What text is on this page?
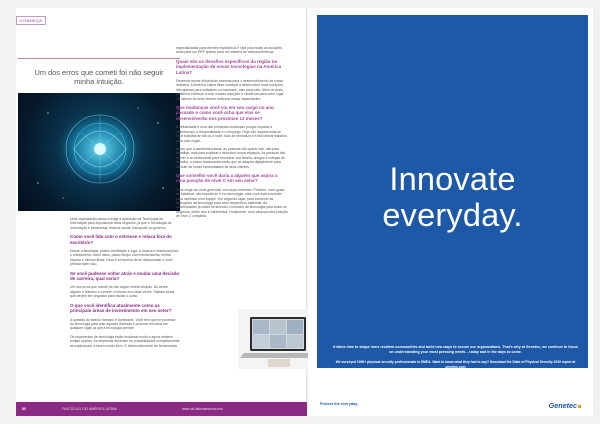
CONHEÇA
Um dos erros que cometi foi não seguir minha intuição.

Uma organização passa a exigir a aplicação da Tecnologia da Informação para impulsionar seus negócios, já que a Tecnologia da Informação é transversal, está na saúde, transporte ou governo.

Como você lida com o estresse e relaxa fora do escritório?

Desde a faculdade, pratico meditação e ioga. A música é essencial para o relaxamento. Além disso, passo tempo com minha família, minha esposa e minhas filhas. Essa é a maneira de se desconectar e você precisa fazer isso.

Se você pudesse voltar atrás e mudar uma decisão de carreira, qual seria?

Um dos erros que cometi foi não seguir minha intuição. Às vezes, alguém é teimoso e comete o mesmo erro duas vezes. Saibam ainda que devem ser seguidos para mudar o curso.

O que você identifica atualmente como as principais áreas de investimento em seu setor?

A questão do talento humano é dominante. Você tem que ter provedor da tecnologia para criar equipes diversas e procurar recursos em qualquer lugar, já que a tecnologia permite.

Os orçamentos de tecnologia estão mudando muito e agora existem muitas opções. As empresas deveriam ter possibilidades completamente as tradicionais, e fazem muito bem. O desenvolvimento de ferramentas

especializadas para clientes específicos é vital para todas as soluções, tanto para um ERP quanto para um sistema de videoconferência.

Quais são os desafios específicos da região na implementação de novas tecnologias na América Latina?

Devemos mover influências externas para o desenvolvimento de nossa indústria. A América Latina deve começar a desenvolver suas soluções, não apenas para softwares ou hardware, mas para tudo. Além do mais, podemos começar a criar nossas soluções e vendê-las para outro lugar. Os fatores do setor devem melhorar essas capacidades.

Que mudanças você viu em seu cargo no ano passado e como você acha que elas se desenvolverão nos próximos 12 meses?

A virtualidade é uma das principais mudanças porque impacta a onipresença, a temporalidade e o emprego. Hoje não importa mais se você trabalha de dia ou à noite, tudo se centraliza e é fácil deixar trabalho para outro lugar.

Assim que a pandemia passar, as pessoas vão querer sair, não para trabalhar, mas para explorar e descobrir novos espaços. As pessoas vão querer ir ao restaurante para encontrar sua família, amigos e colegas de trabalho, e esses restaurantes terão que se adaptar digitalmente para atender às novas necessidades de seus clientes.

Que conselho você daria a alguém que aspira a uma posição de nível C em seu setor?

Você exige um nível gerencial com duas vertentes: Primeiro, você gosta de trabalhar, não importa se é em tecnologia, mas você está envolvido para mobilizar uma equipe. Em segundo lugar, para conhecer as aplicações da tecnologia para seus respectivos sistemas. As universidades já estão fornecendo o conceito da tecnologia para todos os negócios, então isso é transversal. Finalmente, você alcança uma posição de nível C completa.

80	FASCÍCULO CIO AMÉRICA LATINA	www.cio-latinoamerica.com
Innovate everyday.
It takes time to shape more resilient communities and build new ways to secure our organizations. That's why at Genetec, we continue to focus on understanding your most pressing needs – today and in the days to come.
We surveyed 1900+ physical security professionals in EMEA. Want to know what they had to say? Download the State of Physical Security 2020 report at genetec.com
Protect the everyday.	Genetec
